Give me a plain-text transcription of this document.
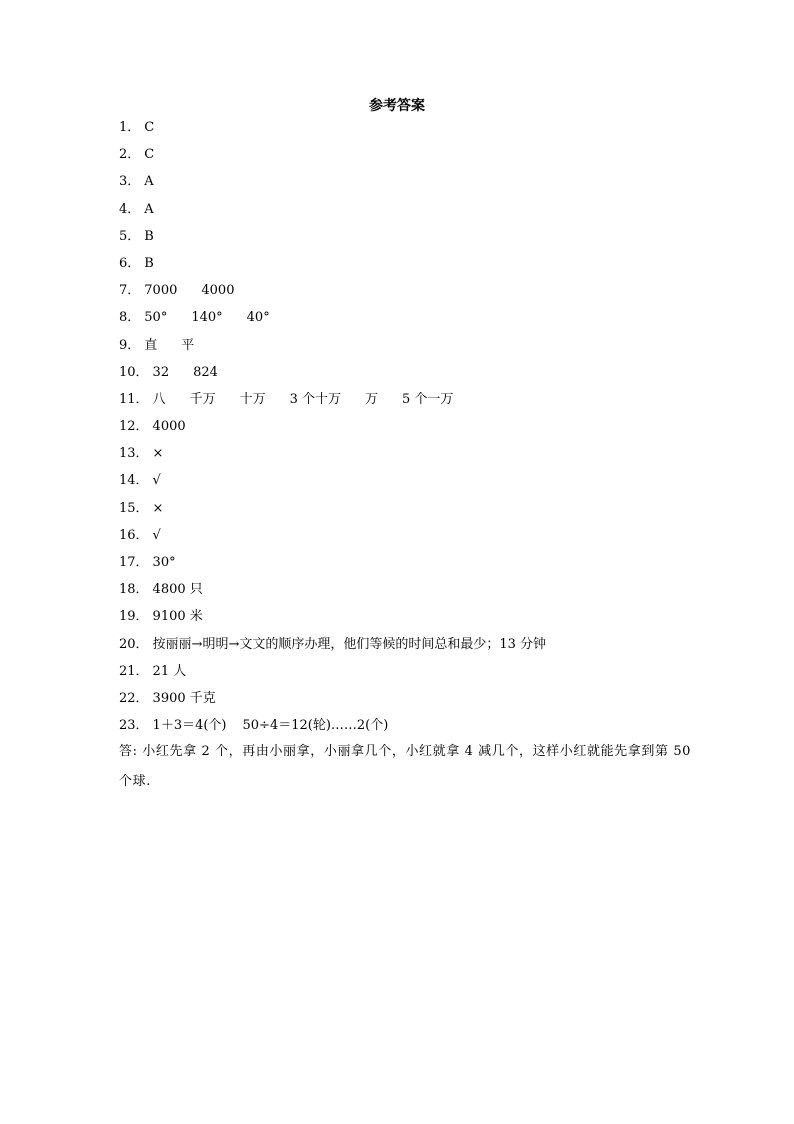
参考答案
1． C
2． C
3． A
4． A
5． B
6． B
7． 7000 4000
8． 50° 140° 40°
9． 直 平
10． 32 824
11． 八 千万 十万 3 个十万 万 5 个一万
12． 4000
13． ×
14． √
15． ×
16． √
17． 30°
18． 4800 只
19． 9100 米
20． 按丽丽→明明→文文的顺序办理，他们等候的时间总和最少；13 分钟
21． 21 人
22． 3900 千克
23． 1＋3＝4(个) 50÷4＝12(轮)……2(个)
答: 小红先拿 2 个，再由小丽拿，小丽拿几个，小红就拿 4 减几个，这样小红就能先拿到第 50 个球.
